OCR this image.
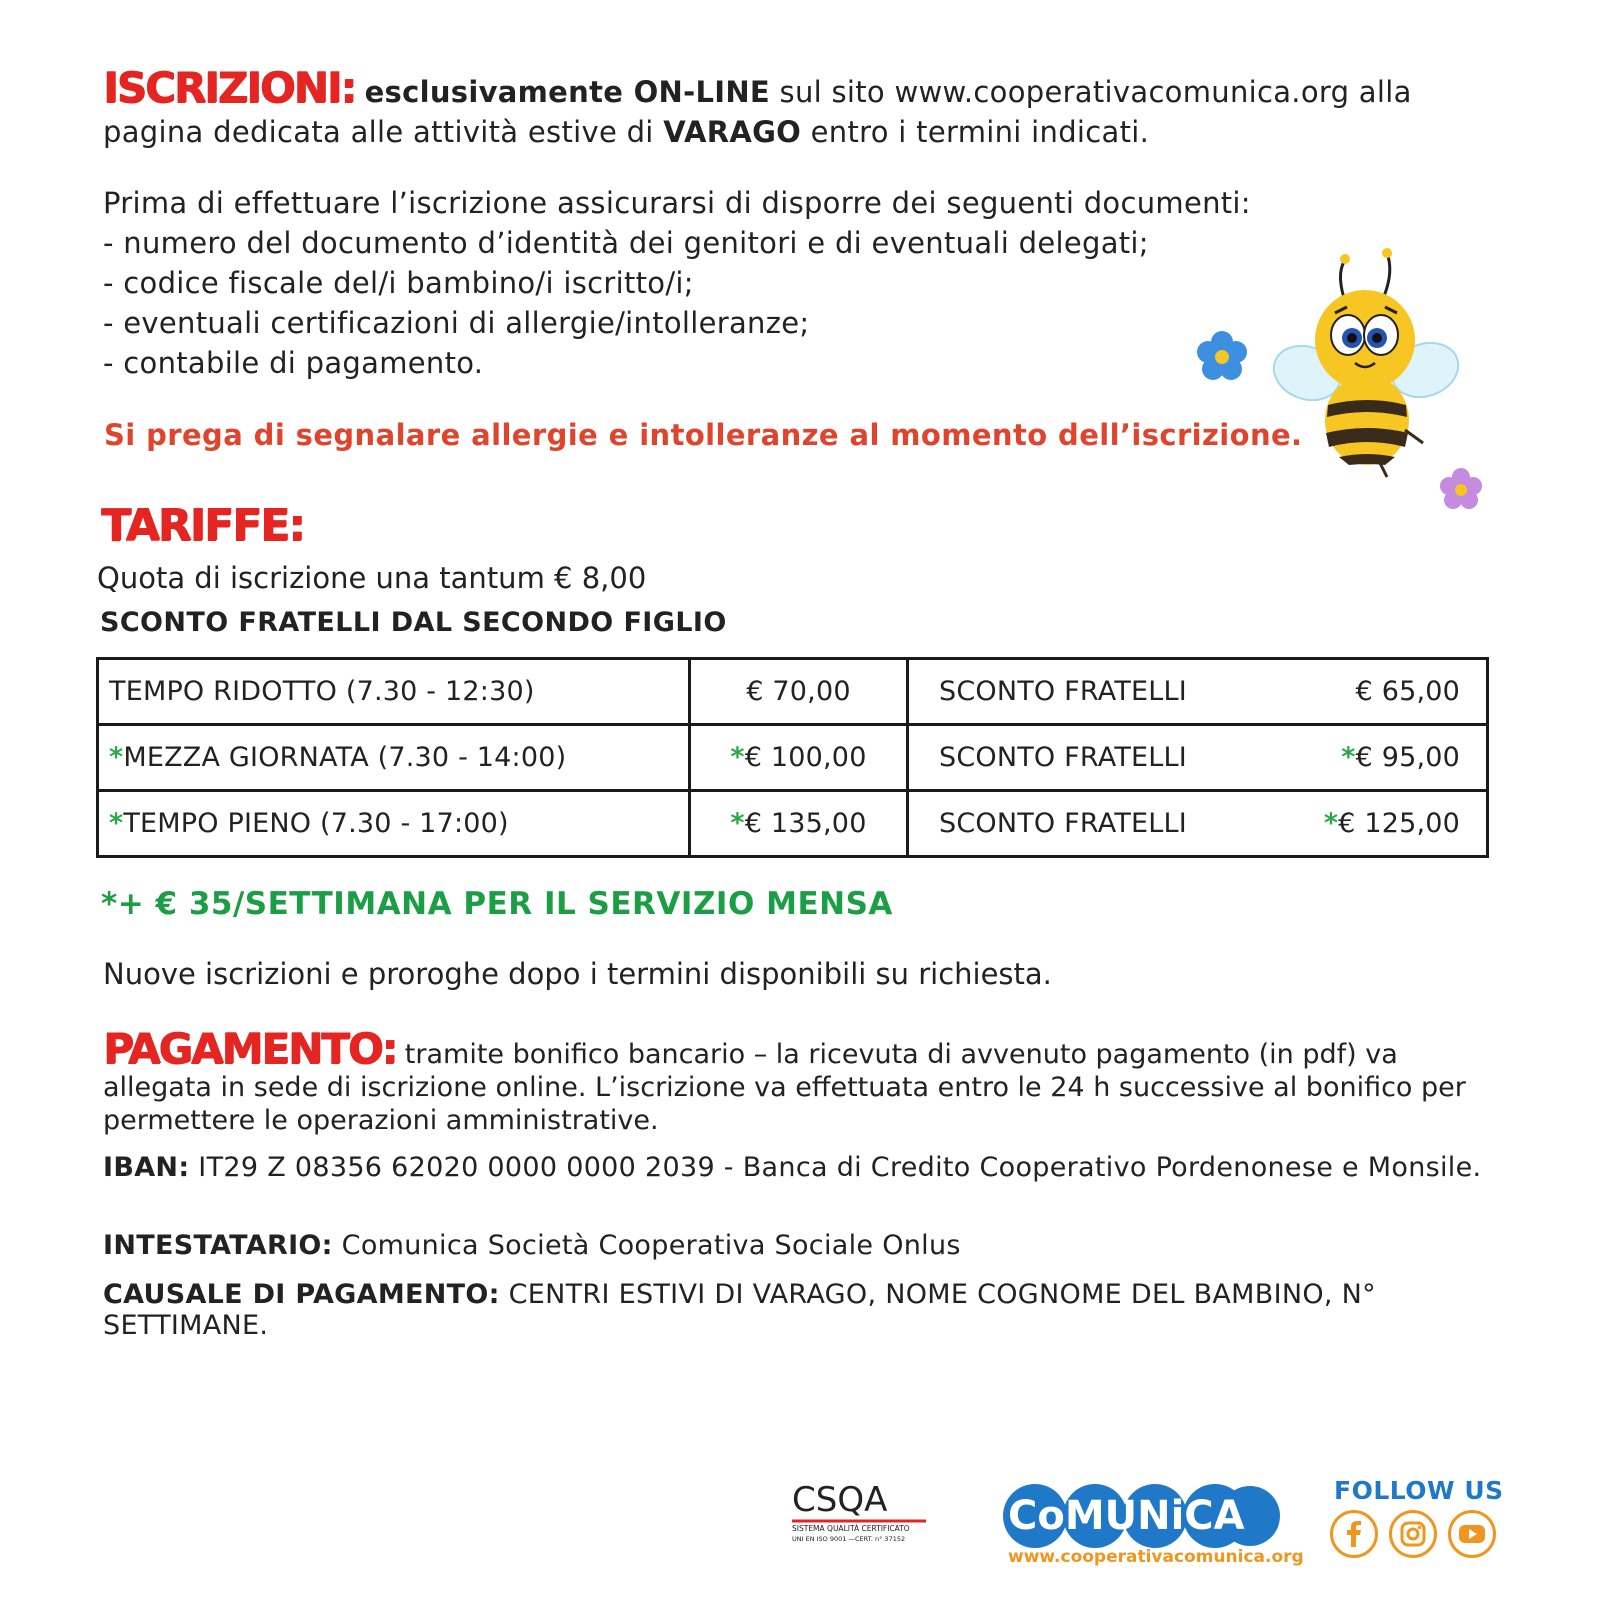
ISCRIZIONI: esclusivamente ON-LINE sul sito www.cooperativacomunica.org alla pagina dedicata alle attività estive di VARAGO entro i termini indicati.
Prima di effettuare l’iscrizione assicurarsi di disporre dei seguenti documenti:
- numero del documento d’identità dei genitori e di eventuali delegati;
- codice fiscale del/i bambino/i iscritto/i;
- eventuali certificazioni di allergie/intolleranze;
- contabile di pagamento.
Si prega di segnalare allergie e intolleranze al momento dell’iscrizione.
TARIFFE:
Quota di iscrizione una tantum € 8,00
SCONTO FRATELLI DAL SECONDO FIGLIO
TEMPO RIDOTTO (7.30 - 12:30)	€ 70,00	SCONTO FRATELLI € 65,00

*MEZZA GIORNATA (7.30 - 14:00)	*€ 100,00	SCONTO FRATELLI *€ 95,00

*TEMPO PIENO (7.30 - 17:00)	*€ 135,00	SCONTO FRATELLI *€ 125,00
*+ € 35/SETTIMANA PER IL SERVIZIO MENSA
Nuove iscrizioni e proroghe dopo i termini disponibili su richiesta.
PAGAMENTO: tramite bonifico bancario – la ricevuta di avvenuto pagamento (in pdf) va allegata in sede di iscrizione online. L’iscrizione va effettuata entro le 24 h successive al bonifico per permettere le operazioni amministrative.
IBAN: IT29 Z 08356 62020 0000 0000 2039 - Banca di Credito Cooperativo Pordenonese e Monsile.
INTESTATARIO: Comunica Società Cooperativa Sociale Onlus
CAUSALE DI PAGAMENTO: CENTRI ESTIVI DI VARAGO, NOME COGNOME DEL BAMBINO, N° SETTIMANE.
CSQA
SISTEMA QUALITÀ CERTIFICATO
UNI EN ISO 9001 —CERT. n° 37152	CoMUNiCA
www.cooperativacomunica.org
FOLLOW US
